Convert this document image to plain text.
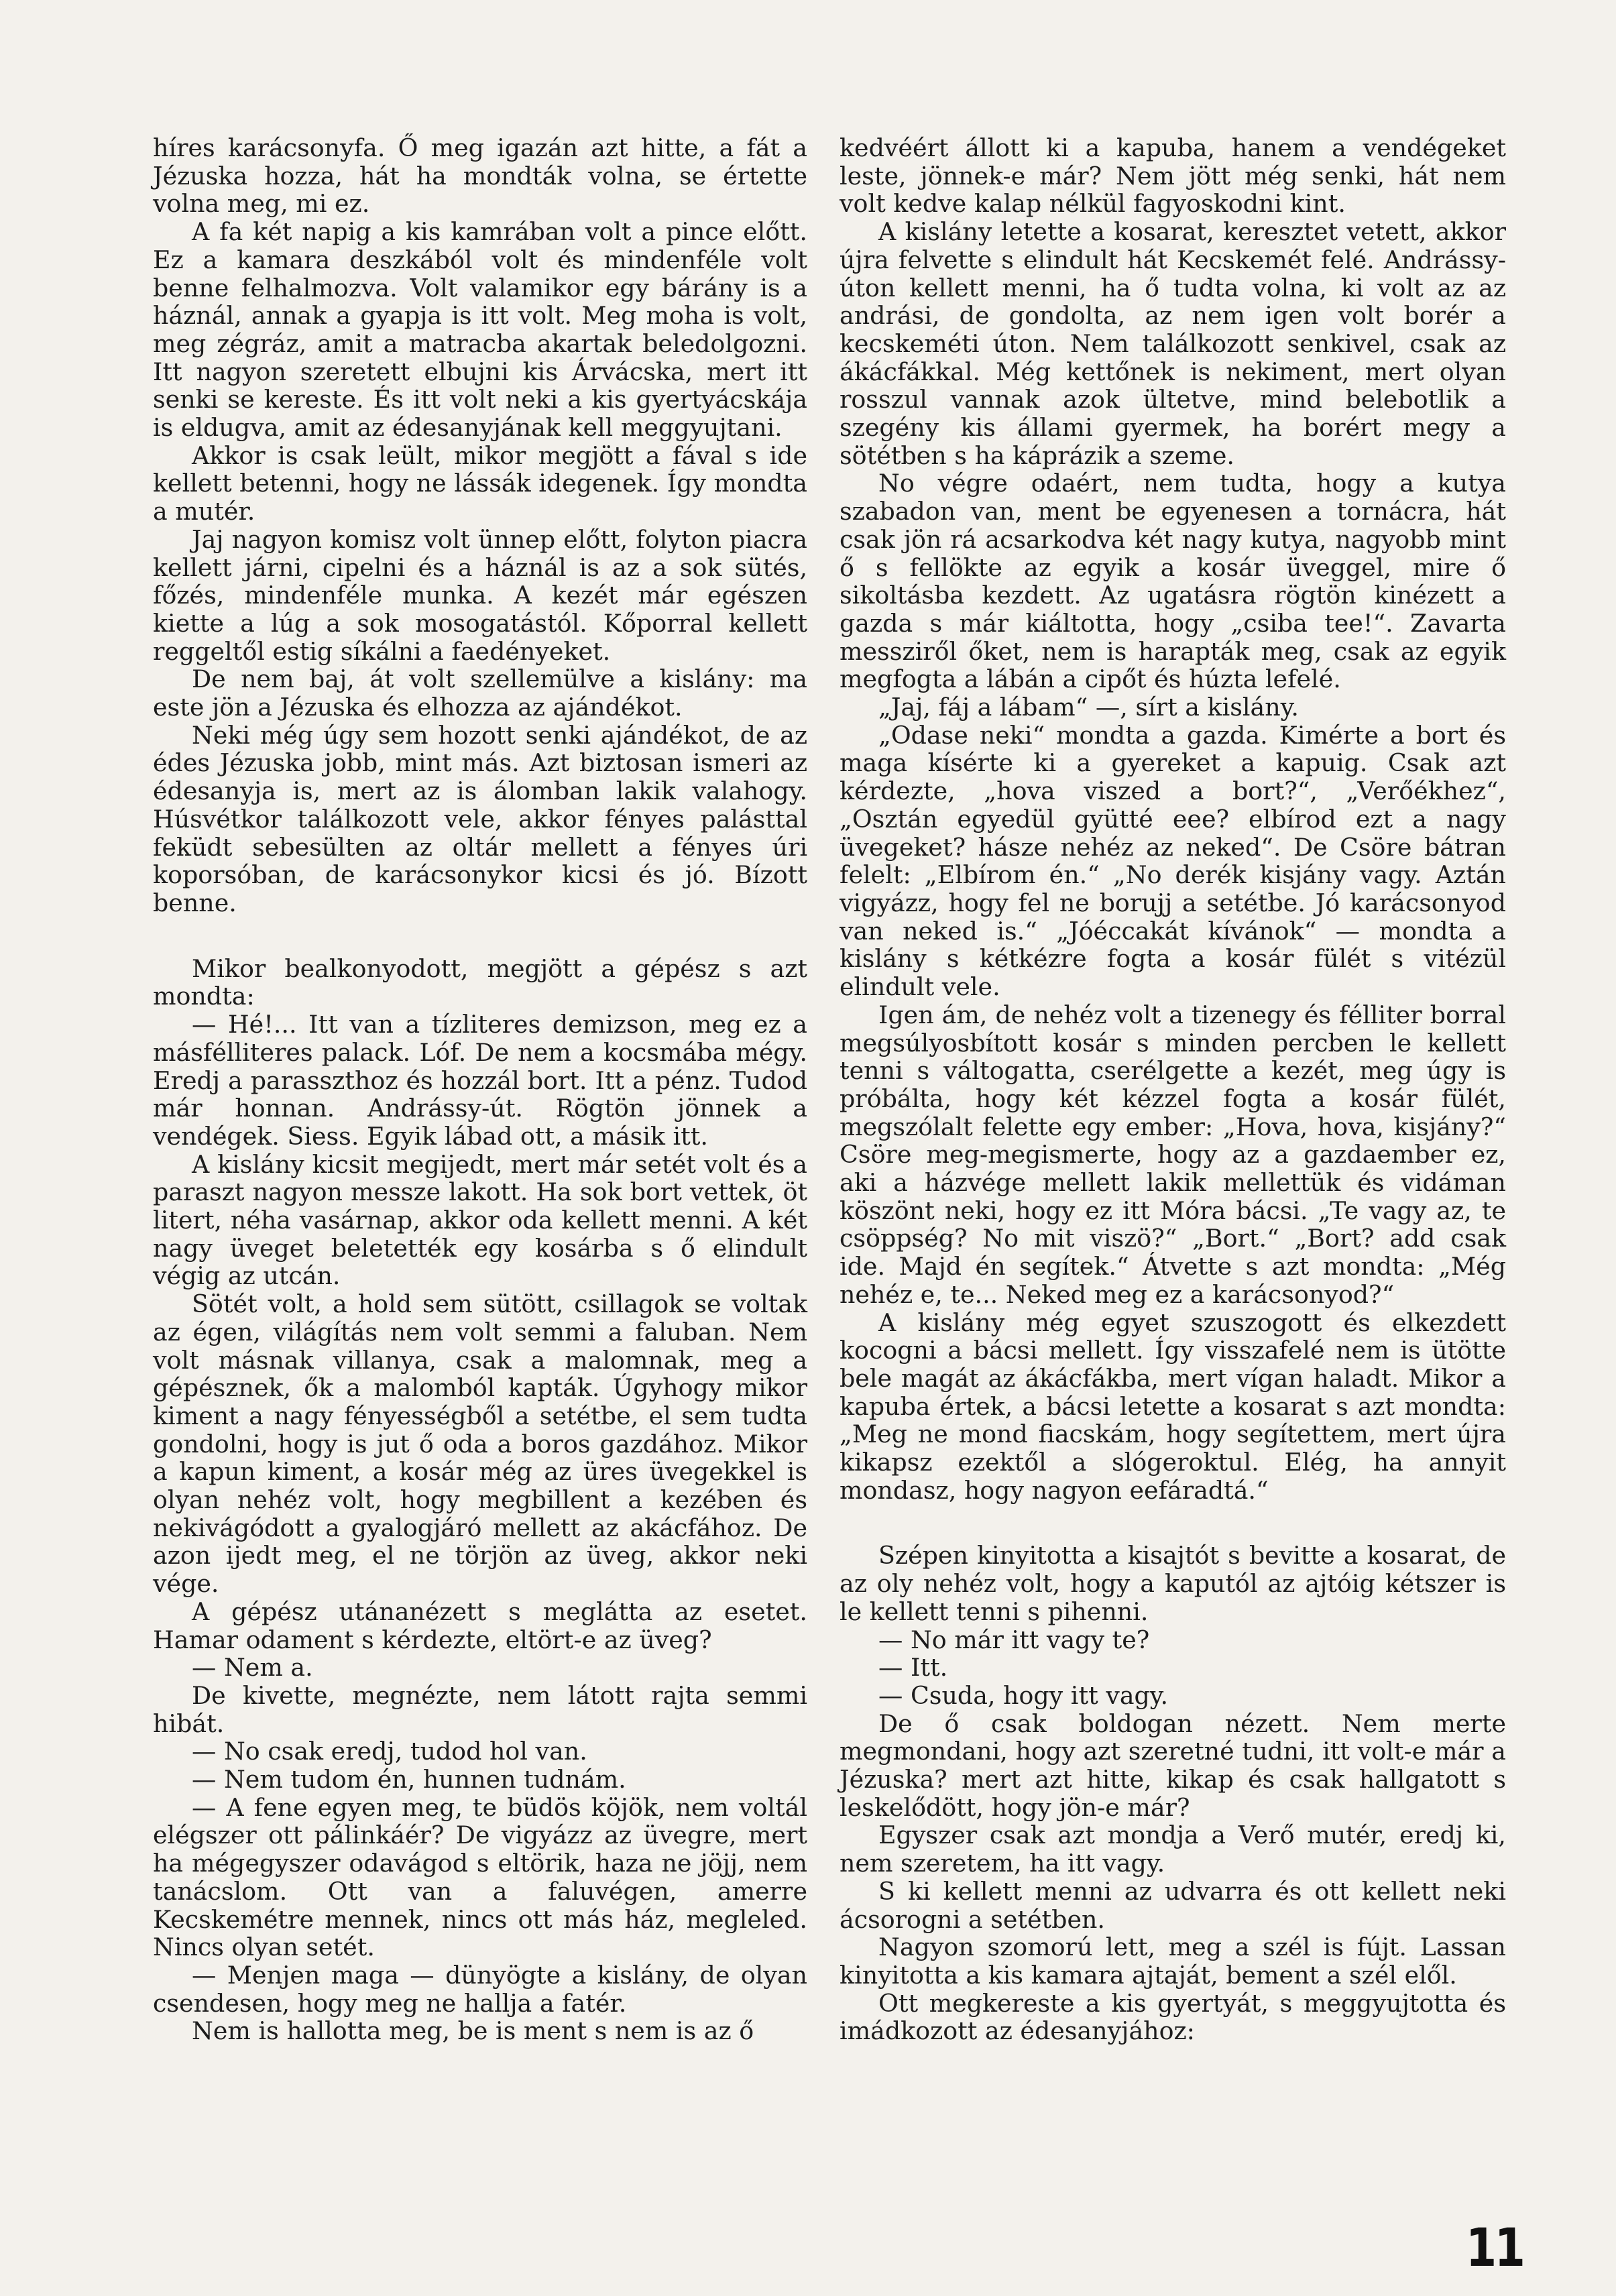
híres karácsonyfa. Ő meg igazán azt hitte, a fát a Jézuska hozza, hát ha mondták volna, se értette volna meg, mi ez.

A fa két napig a kis kamrában volt a pince előtt. Ez a kamara deszkából volt és mindenféle volt benne felhalmozva. Volt valamikor egy bárány is a háznál, annak a gyapja is itt volt. Meg moha is volt, meg zégráz, amit a matracba akartak beledolgozni. Itt nagyon szeretett elbujni kis Árvácska, mert itt senki se kereste. És itt volt neki a kis gyertyácskája is eldugva, amit az édesanyjának kell meggyujtani.

Akkor is csak leült, mikor megjött a fával s ide kellett betenni, hogy ne lássák idegenek. Így mondta a mutér.

Jaj nagyon komisz volt ünnep előtt, folyton piacra kellett járni, cipelni és a háznál is az a sok sütés, főzés, mindenféle munka. A kezét már egészen kiette a lúg a sok mosogatástól. Kőporral kellett reggeltől estig síkálni a faedényeket.

De nem baj, át volt szellemülve a kislány: ma este jön a Jézuska és elhozza az ajándékot.

Neki még úgy sem hozott senki ajándékot, de az édes Jézuska jobb, mint más. Azt biztosan ismeri az édesanyja is, mert az is álomban lakik valahogy. Húsvétkor találkozott vele, akkor fényes palásttal feküdt sebesülten az oltár mellett a fényes úri koporsóban, de karácsonykor kicsi és jó. Bízott benne.

Mikor bealkonyodott, megjött a gépész s azt mondta:

— Hé!... Itt van a tízliteres demizson, meg ez a másfélliteres palack. Lóf. De nem a kocsmába mégy. Eredj a parasszthoz és hozzál bort. Itt a pénz. Tudod már honnan. Andrássy-út. Rögtön jönnek a vendégek. Siess. Egyik lábad ott, a másik itt.

A kislány kicsit megijedt, mert már setét volt és a paraszt nagyon messze lakott. Ha sok bort vettek, öt litert, néha vasárnap, akkor oda kellett menni. A két nagy üveget beletették egy kosárba s ő elindult végig az utcán.

Sötét volt, a hold sem sütött, csillagok se voltak az égen, világítás nem volt semmi a faluban. Nem volt másnak villanya, csak a malomnak, meg a gépésznek, ők a malomból kapták. Úgyhogy mikor kiment a nagy fényességből a setétbe, el sem tudta gondolni, hogy is jut ő oda a boros gazdához. Mikor a kapun kiment, a kosár még az üres üvegekkel is olyan nehéz volt, hogy megbillent a kezében és nekivágódott a gyalogjáró mellett az akácfához. De azon ijedt meg, el ne törjön az üveg, akkor neki vége.

A gépész utánanézett s meglátta az esetet. Hamar odament s kérdezte, eltört-e az üveg?

— Nem a.

De kivette, megnézte, nem látott rajta semmi hibát.

— No csak eredj, tudod hol van.

— Nem tudom én, hunnen tudnám.

— A fene egyen meg, te büdös köjök, nem voltál elégszer ott pálinkáér? De vigyázz az üvegre, mert ha mégegyszer odavágod s eltörik, haza ne jöjj, nem tanácslom. Ott van a faluvégen, amerre Kecskemétre mennek, nincs ott más ház, megleled. Nincs olyan setét.

— Menjen maga — dünyögte a kislány, de olyan csendesen, hogy meg ne hallja a fatér.

Nem is hallotta meg, be is ment s nem is az ő

kedvéért állott ki a kapuba, hanem a vendégeket leste, jönnek-e már? Nem jött még senki, hát nem volt kedve kalap nélkül fagyoskodni kint.

A kislány letette a kosarat, keresztet vetett, akkor újra felvette s elindult hát Kecskemét felé. Andrássy-úton kellett menni, ha ő tudta volna, ki volt az az andrási, de gondolta, az nem igen volt borér a kecskeméti úton. Nem találkozott senkivel, csak az ákácfákkal. Még kettőnek is nekiment, mert olyan rosszul vannak azok ültetve, mind belebotlik a szegény kis állami gyermek, ha borért megy a sötétben s ha káprázik a szeme.

No végre odaért, nem tudta, hogy a kutya szabadon van, ment be egyenesen a tornácra, hát csak jön rá acsarkodva két nagy kutya, nagyobb mint ő s fellökte az egyik a kosár üveggel, mire ő sikoltásba kezdett. Az ugatásra rögtön kinézett a gazda s már kiáltotta, hogy „csiba tee!“. Zavarta messziről őket, nem is harapták meg, csak az egyik megfogta a lábán a cipőt és húzta lefelé.

„Jaj, fáj a lábam“ —, sírt a kislány.

„Odase neki“ mondta a gazda. Kimérte a bort és maga kísérte ki a gyereket a kapuig. Csak azt kérdezte, „hova viszed a bort?“, „Verőékhez“, „Osztán egyedül gyütté eee? elbírod ezt a nagy üvegeket? hásze nehéz az neked“. De Csöre bátran felelt: „Elbírom én.“ „No derék kisjány vagy. Aztán vigyázz, hogy fel ne borujj a setétbe. Jó karácsonyod van neked is.“ „Jóéccakát kívánok“ — mondta a kislány s kétkézre fogta a kosár fülét s vitézül elindult vele.

Igen ám, de nehéz volt a tizenegy és félliter borral megsúlyosbított kosár s minden percben le kellett tenni s váltogatta, cserélgette a kezét, meg úgy is próbálta, hogy két kézzel fogta a kosár fülét, megszólalt felette egy ember: „Hova, hova, kisjány?“ Csöre meg-megismerte, hogy az a gazdaember ez, aki a házvége mellett lakik mellettük és vidáman köszönt neki, hogy ez itt Móra bácsi. „Te vagy az, te csöppség? No mit viszö?“ „Bort.“ „Bort? add csak ide. Majd én segítek.“ Átvette s azt mondta: „Még nehéz e, te... Neked meg ez a karácsonyod?“

A kislány még egyet szuszogott és elkezdett kocogni a bácsi mellett. Így visszafelé nem is ütötte bele magát az ákácfákba, mert vígan haladt. Mikor a kapuba értek, a bácsi letette a kosarat s azt mondta: „Meg ne mond fiacskám, hogy segítettem, mert újra kikapsz ezektől a slógeroktul. Elég, ha annyit mondasz, hogy nagyon eefáradtá.“

Szépen kinyitotta a kisajtót s bevitte a kosarat, de az oly nehéz volt, hogy a kaputól az ajtóig kétszer is le kellett tenni s pihenni.

— No már itt vagy te?

— Itt.

— Csuda, hogy itt vagy.

De ő csak boldogan nézett. Nem merte megmondani, hogy azt szeretné tudni, itt volt-e már a Jézuska? mert azt hitte, kikap és csak hallgatott s leskelődött, hogy jön-e már?

Egyszer csak azt mondja a Verő mutér, eredj ki, nem szeretem, ha itt vagy.

S ki kellett menni az udvarra és ott kellett neki ácsorogni a setétben.

Nagyon szomorú lett, meg a szél is fújt. Lassan kinyitotta a kis kamara ajtaját, bement a szél elől.

Ott megkereste a kis gyertyát, s meggyujtotta és imádkozott az édesanyjához:

11
